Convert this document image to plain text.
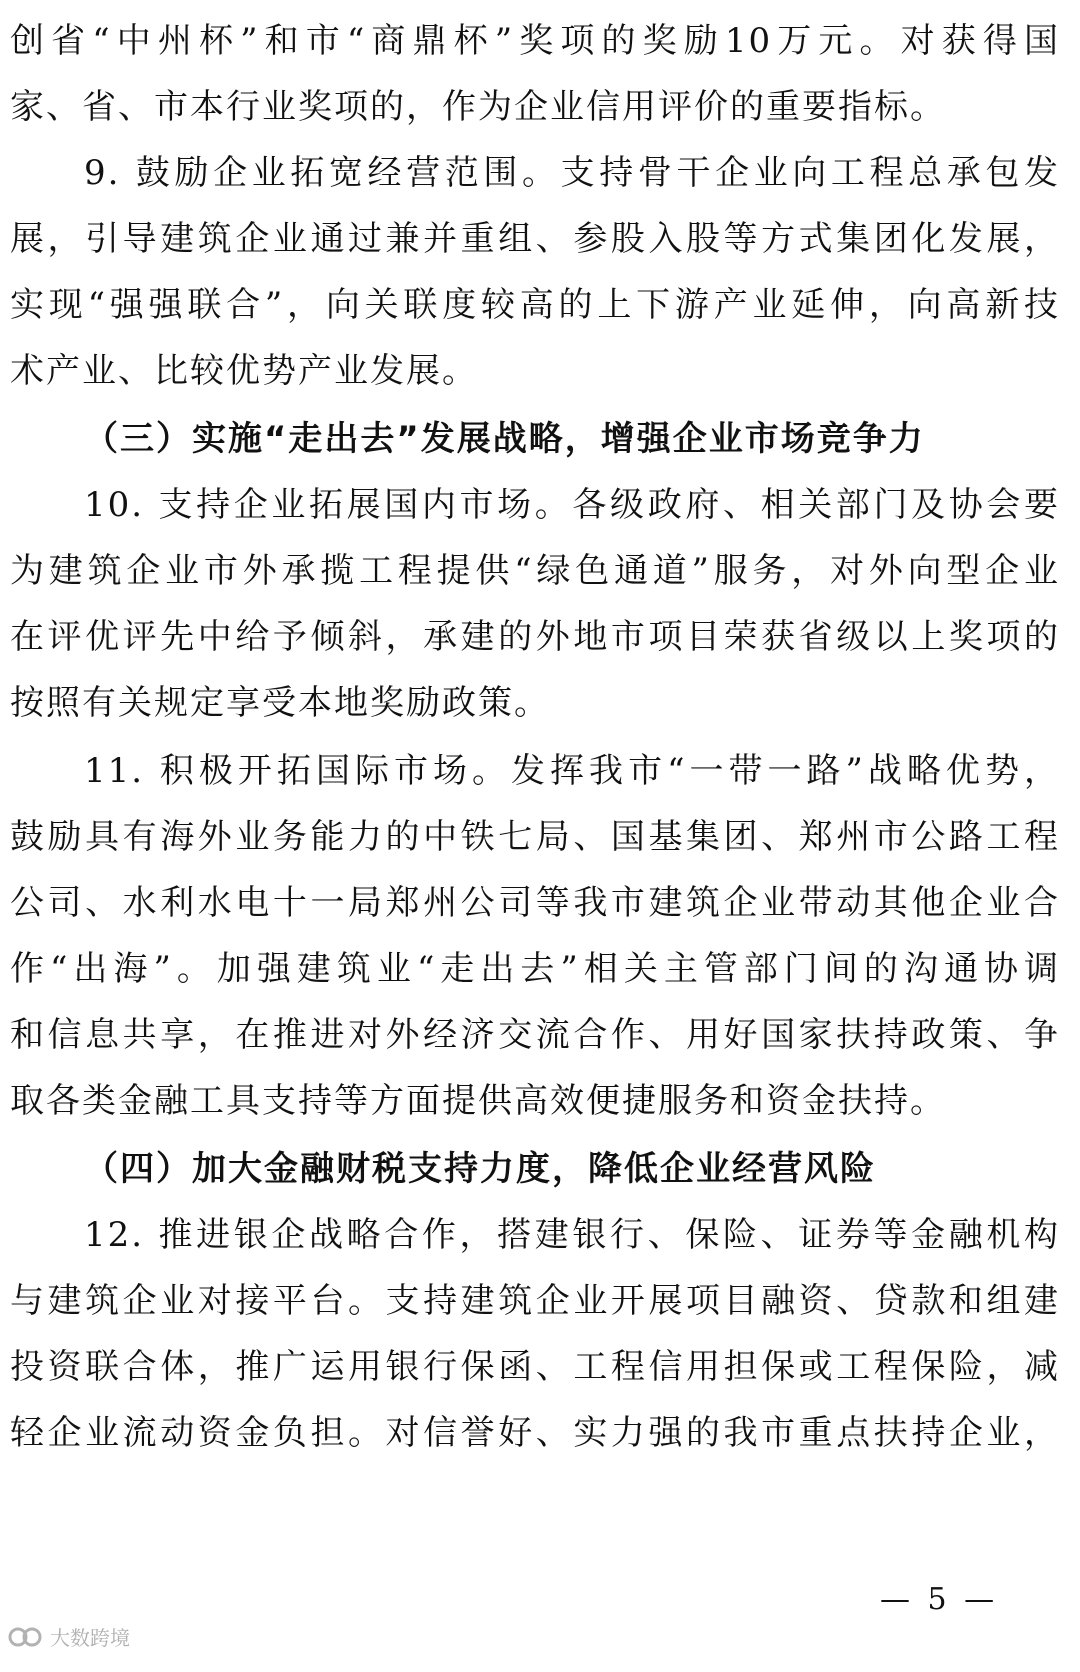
创省“中州杯”和市“商鼎杯”奖项的奖励10万元。对获得国
家、省、市本行业奖项的，作为企业信用评价的重要指标。
9. 鼓励企业拓宽经营范围。支持骨干企业向工程总承包发
展，引导建筑企业通过兼并重组、参股入股等方式集团化发展，
实现“强强联合”，向关联度较高的上下游产业延伸，向高新技
术产业、比较优势产业发展。
（三）实施“走出去”发展战略，增强企业市场竞争力
10. 支持企业拓展国内市场。各级政府、相关部门及协会要
为建筑企业市外承揽工程提供“绿色通道”服务，对外向型企业
在评优评先中给予倾斜，承建的外地市项目荣获省级以上奖项的
按照有关规定享受本地奖励政策。
11. 积极开拓国际市场。发挥我市“一带一路”战略优势，
鼓励具有海外业务能力的中铁七局、国基集团、郑州市公路工程
公司、水利水电十一局郑州公司等我市建筑企业带动其他企业合
作“出海”。加强建筑业“走出去”相关主管部门间的沟通协调
和信息共享，在推进对外经济交流合作、用好国家扶持政策、争
取各类金融工具支持等方面提供高效便捷服务和资金扶持。
（四）加大金融财税支持力度，降低企业经营风险
12. 推进银企战略合作，搭建银行、保险、证券等金融机构
与建筑企业对接平台。支持建筑企业开展项目融资、贷款和组建
投资联合体，推广运用银行保函、工程信用担保或工程保险，减
轻企业流动资金负担。对信誉好、实力强的我市重点扶持企业，
— 5 —
大数跨境
